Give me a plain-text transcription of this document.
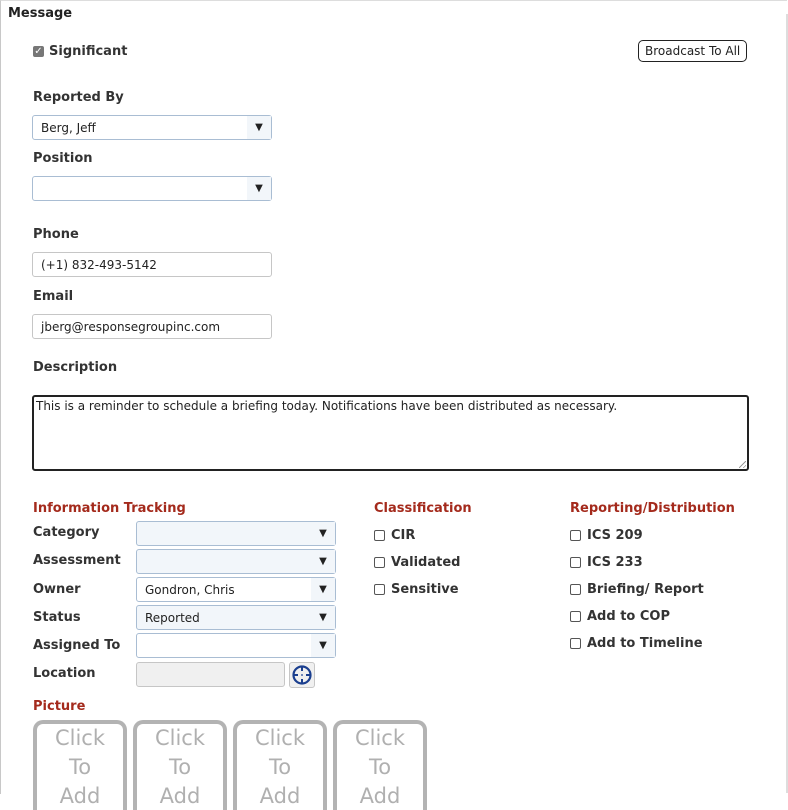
Message
✓ Significant	Broadcast To All
Reported By
Berg, Jeff	▼
Position
▼
Phone
(+1) 832-493-5142
Email
jberg@responsegroupinc.com
Description
This is a reminder to schedule a briefing today. Notifications have been distributed as necessary.
Information Tracking
Category	▼
Assessment	▼
Owner	Gondron, Chris	▼
Status	Reported	▼
Assigned To	▼
Location
Classification
CIR
Validated
Sensitive
Reporting/Distribution
ICS 209
ICS 233
Briefing/ Report
Add to COP
Add to Timeline
Picture
Click
To
Add
Click
To
Add
Click
To
Add
Click
To
Add
